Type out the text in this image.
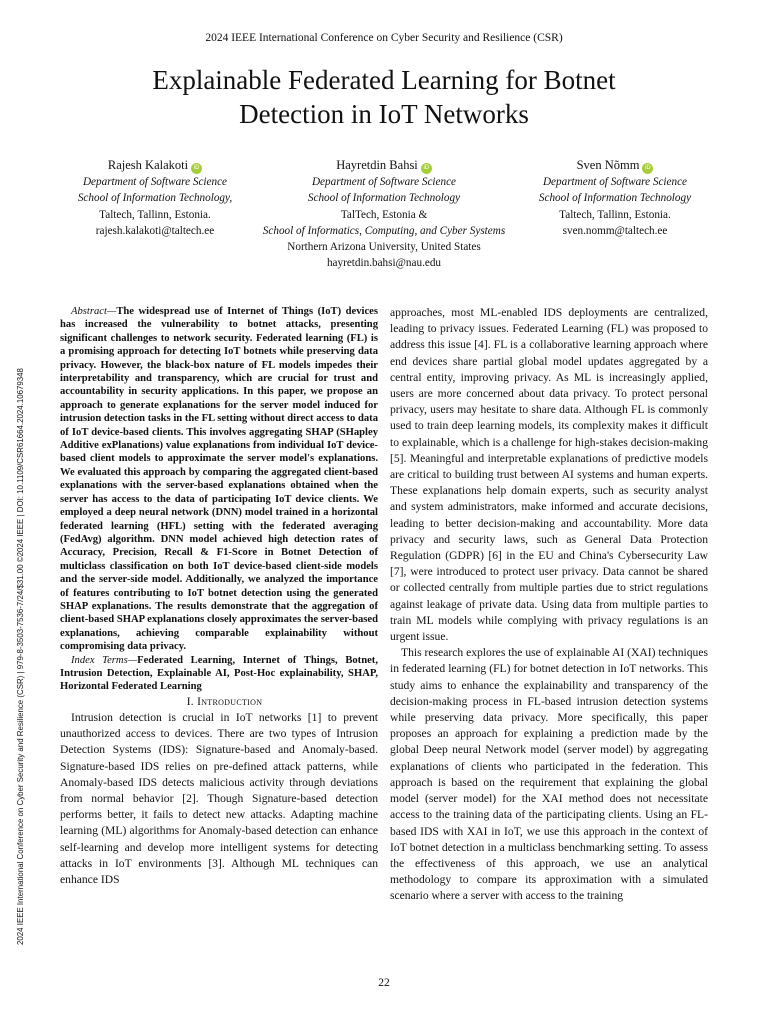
2024 IEEE International Conference on Cyber Security and Resilience (CSR)
Explainable Federated Learning for Botnet
Detection in IoT Networks
Rajesh Kalakoti iD
Department of Software Science
School of Information Technology,
Taltech, Tallinn, Estonia.
rajesh.kalakoti@taltech.ee
Hayretdin Bahsi iD
Department of Software Science
School of Information Technology
TalTech, Estonia &
School of Informatics, Computing, and Cyber Systems
Northern Arizona University, United States
hayretdin.bahsi@nau.edu
Sven Nõmm iD
Department of Software Science
School of Information Technology
Taltech, Tallinn, Estonia.
sven.nomm@taltech.ee
2024 IEEE International Conference on Cyber Security and Resilience (CSR) | 979-8-3503-7536-7/24/$31.00 ©2024 IEEE | DOI: 10.1109/CSR61664.2024.10679348

Abstract—The widespread use of Internet of Things (IoT) devices has increased the vulnerability to botnet attacks, presenting significant challenges to network security. Federated learning (FL) is a promising approach for detecting IoT botnets while preserving data privacy. However, the black-box nature of FL models impedes their interpretability and transparency, which are crucial for trust and accountability in security applications. In this paper, we propose an approach to generate explanations for the server model induced for intrusion detection tasks in the FL setting without direct access to data of IoT device-based clients. This involves aggregating SHAP (SHapley Additive exPlanations) value explanations from individual IoT device-based client models to approximate the server model's explanations. We evaluated this approach by comparing the aggregated client-based explanations with the server-based explanations obtained when the server has access to the data of participating IoT device clients. We employed a deep neural network (DNN) model trained in a horizontal federated learning (HFL) setting with the federated averaging (FedAvg) algorithm. DNN model achieved high detection rates of Accuracy, Precision, Recall & F1-Score in Botnet Detection of multiclass classification on both IoT device-based client-side models and the server-side model. Additionally, we analyzed the importance of features contributing to IoT botnet detection using the generated SHAP explanations. The results demonstrate that the aggregation of client-based SHAP explanations closely approximates the server-based explanations, achieving comparable explainability without compromising data privacy.

Index Terms—Federated Learning, Internet of Things, Botnet, Intrusion Detection, Explainable AI, Post-Hoc explainability, SHAP, Horizontal Federated Learning

I. Introduction

Intrusion detection is crucial in IoT networks [1] to prevent unauthorized access to devices. There are two types of Intrusion Detection Systems (IDS): Signature-based and Anomaly-based. Signature-based IDS relies on pre-defined attack patterns, while Anomaly-based IDS detects malicious activity through deviations from normal behavior [2]. Though Signature-based detection performs better, it fails to detect new attacks. Adapting machine learning (ML) algorithms for Anomaly-based detection can enhance self-learning and develop more intelligent systems for detecting attacks in IoT environments [3]. Although ML techniques can enhance IDS

approaches, most ML-enabled IDS deployments are centralized, leading to privacy issues. Federated Learning (FL) was proposed to address this issue [4]. FL is a collaborative learning approach where end devices share partial global model updates aggregated by a central entity, improving privacy. As ML is increasingly applied, users are more concerned about data privacy. To protect personal privacy, users may hesitate to share data. Although FL is commonly used to train deep learning models, its complexity makes it difficult to explainable, which is a challenge for high-stakes decision-making [5]. Meaningful and interpretable explanations of predictive models are critical to building trust between AI systems and human experts. These explanations help domain experts, such as security analyst and system administrators, make informed and accurate decisions, leading to better decision-making and accountability. More data privacy and security laws, such as General Data Protection Regulation (GDPR) [6] in the EU and China's Cybersecurity Law [7], were introduced to protect user privacy. Data cannot be shared or collected centrally from multiple parties due to strict regulations against leakage of private data. Using data from multiple parties to train ML models while complying with privacy regulations is an urgent issue.

This research explores the use of explainable AI (XAI) techniques in federated learning (FL) for botnet detection in IoT networks. This study aims to enhance the explainability and transparency of the decision-making process in FL-based intrusion detection systems while preserving data privacy. More specifically, this paper proposes an approach for explaining a prediction made by the global Deep neural Network model (server model) by aggregating explanations of clients who participated in the federation. This approach is based on the requirement that explaining the global model (server model) for the XAI method does not necessitate access to the training data of the participating clients. Using an FL-based IDS with XAI in IoT, we use this approach in the context of IoT botnet detection in a multiclass benchmarking setting. To assess the effectiveness of this approach, we use an analytical methodology to compare its approximation with a simulated scenario where a server with access to the training

22
